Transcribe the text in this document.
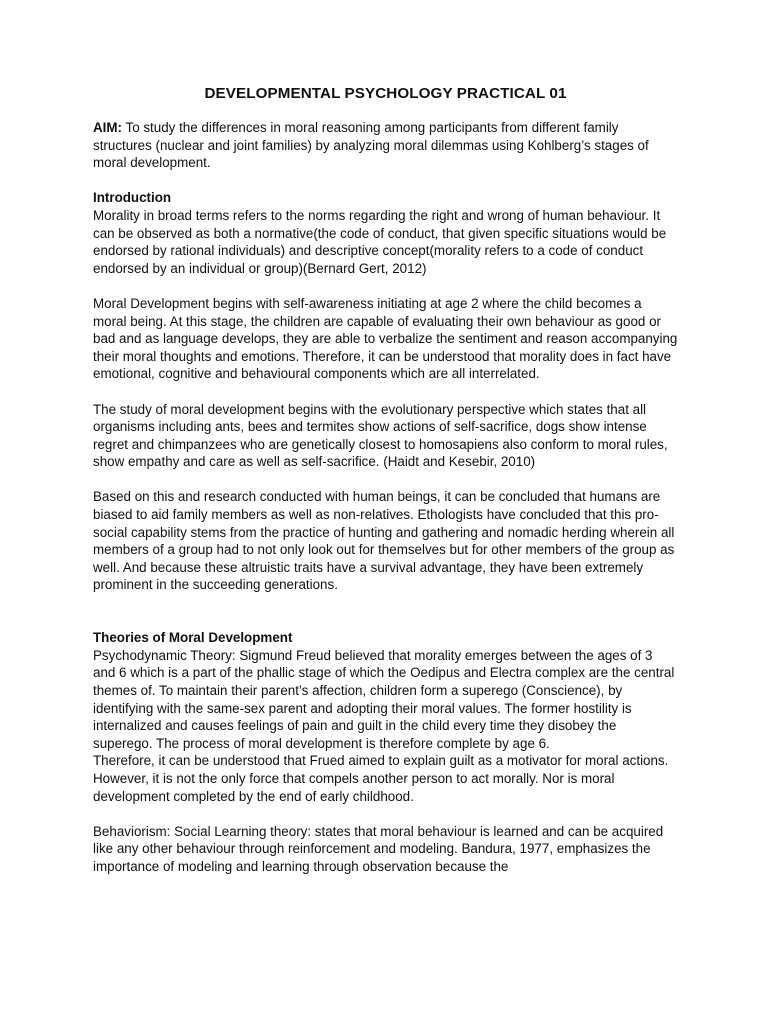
DEVELOPMENTAL PSYCHOLOGY PRACTICAL 01

AIM: To study the differences in moral reasoning among participants from different family structures (nuclear and joint families) by analyzing moral dilemmas using Kohlberg’s stages of moral development.

Introduction

Morality in broad terms refers to the norms regarding the right and wrong of human behaviour. It can be observed as both a normative(the code of conduct, that given specific situations would be endorsed by rational individuals) and descriptive concept(morality refers to a code of conduct endorsed by an individual or group)(Bernard Gert, 2012)

Moral Development begins with self-awareness initiating at age 2 where the child becomes a moral being. At this stage, the children are capable of evaluating their own behaviour as good or bad and as language develops, they are able to verbalize the sentiment and reason accompanying their moral thoughts and emotions. Therefore, it can be understood that morality does in fact have emotional, cognitive and behavioural components which are all interrelated.

The study of moral development begins with the evolutionary perspective which states that all organisms including ants, bees and termites show actions of self-sacrifice, dogs show intense regret and chimpanzees who are genetically closest to homosapiens also conform to moral rules, show empathy and care as well as self-sacrifice. (Haidt and Kesebir, 2010)

Based on this and research conducted with human beings, it can be concluded that humans are biased to aid family members as well as non-relatives. Ethologists have concluded that this pro-social capability stems from the practice of hunting and gathering and nomadic herding wherein all members of a group had to not only look out for themselves but for other members of the group as well. And because these altruistic traits have a survival advantage, they have been extremely prominent in the succeeding generations.

Theories of Moral Development

Psychodynamic Theory: Sigmund Freud believed that morality emerges between the ages of 3 and 6 which is a part of the phallic stage of which the Oedipus and Electra complex are the central themes of. To maintain their parent’s affection, children form a superego (Conscience), by identifying with the same-sex parent and adopting their moral values. The former hostility is internalized and causes feelings of pain and guilt in the child every time they disobey the superego. The process of moral development is therefore complete by age 6.

Therefore, it can be understood that Frued aimed to explain guilt as a motivator for moral actions. However, it is not the only force that compels another person to act morally. Nor is moral development completed by the end of early childhood.

Behaviorism: Social Learning theory: states that moral behaviour is learned and can be acquired like any other behaviour through reinforcement and modeling. Bandura, 1977, emphasizes the importance of modeling and learning through observation because the
